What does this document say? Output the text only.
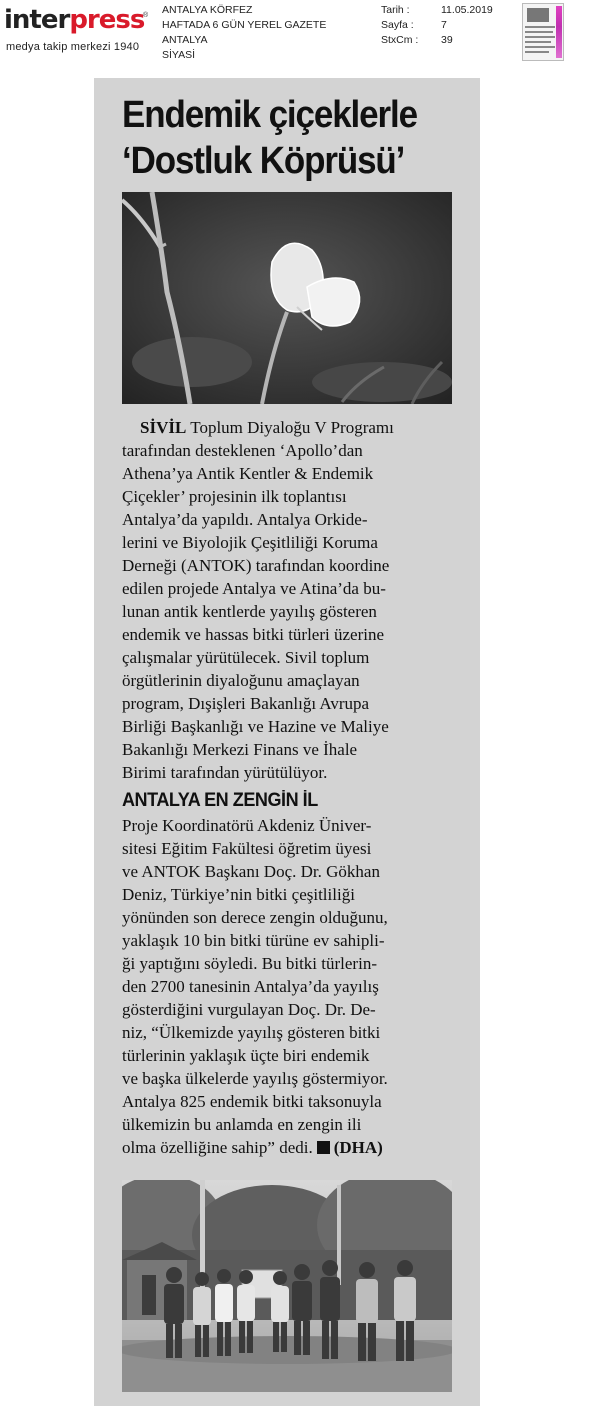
interpress
®
medya takip merkezi 1940
ANTALYA KÖRFEZ
HAFTADA 6 GÜN YEREL GAZETE
ANTALYA
SİYASİ
Tarih :	11.05.2019
Sayfa :	7
StxCm : 39
Endemik çiçeklerle
‘Dostluk Köprüsü’
SİVİL Toplum Diyaloğu V Programı
tarafından desteklenen ‘Apollo’dan
Athena’ya Antik Kentler & Endemik
Çiçekler’ projesinin ilk toplantısı
Antalya’da yapıldı. Antalya Orkide-
lerini ve Biyolojik Çeşitliliği Koruma
Derneği (ANTOK) tarafından koordine
edilen projede Antalya ve Atina’da bu-
lunan antik kentlerde yayılış gösteren
endemik ve hassas bitki türleri üzerine
çalışmalar yürütülecek. Sivil toplum
örgütlerinin diyaloğunu amaçlayan
program, Dışişleri Bakanlığı Avrupa
Birliği Başkanlığı ve Hazine ve Maliye
Bakanlığı Merkezi Finans ve İhale
Birimi tarafından yürütülüyor.
ANTALYA EN ZENGİN İL
Proje Koordinatörü Akdeniz Üniver-
sitesi Eğitim Fakültesi öğretim üyesi
ve ANTOK Başkanı Doç. Dr. Gökhan
Deniz, Türkiye’nin bitki çeşitliliği
yönünden son derece zengin olduğunu,
yaklaşık 10 bin bitki türüne ev sahipli-
ği yaptığını söyledi. Bu bitki türlerin-
den 2700 tanesinin Antalya’da yayılış
gösterdiğini vurgulayan Doç. Dr. De-
niz, “Ülkemizde yayılış gösteren bitki
türlerinin yaklaşık üçte biri endemik
ve başka ülkelerde yayılış göstermiyor.
Antalya 825 endemik bitki taksonuyla
ülkemizin bu anlamda en zengin ili
olma özelliğine sahip” dedi. (DHA)
